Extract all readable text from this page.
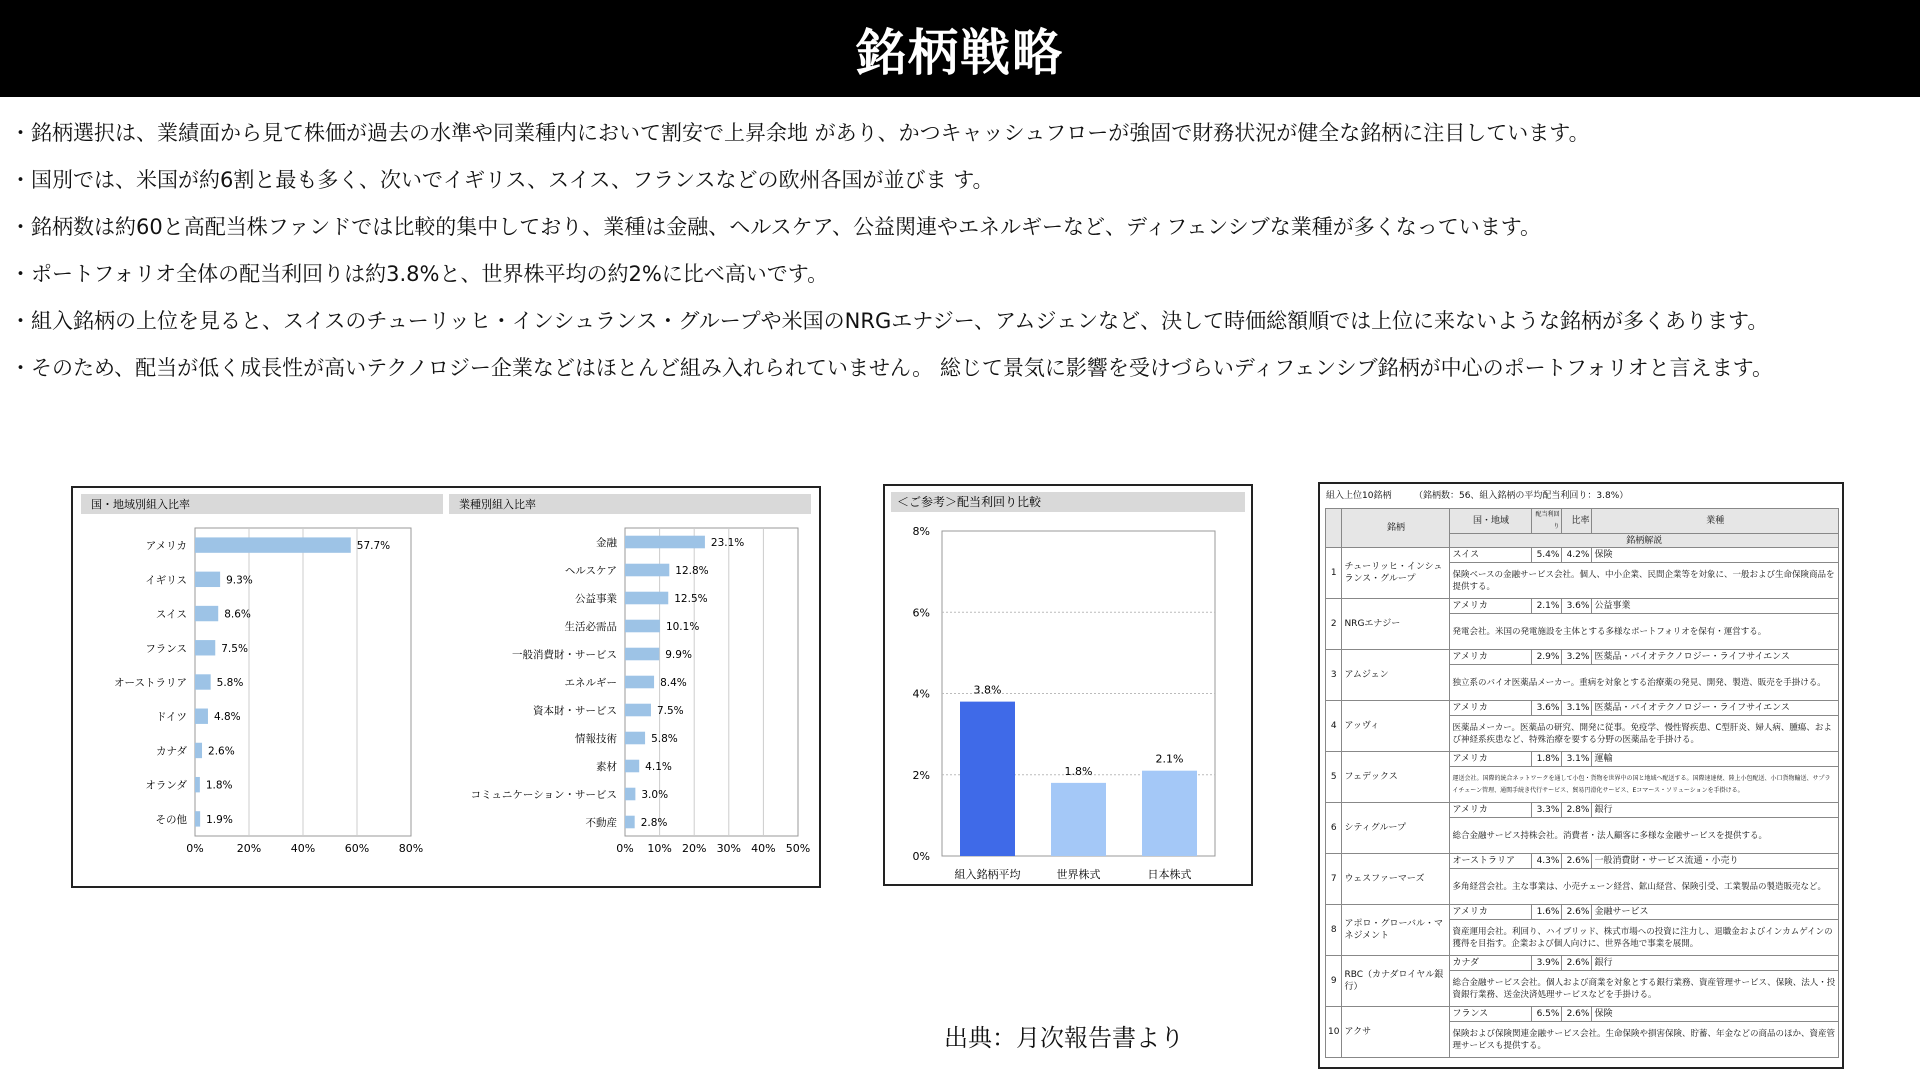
銘柄戦略
・銘柄選択は、業績面から見て株価が過去の水準や同業種内において割安で上昇余地 があり、かつキャッシュフローが強固で財務状況が健全な銘柄に注目しています。
・国別では、米国が約6割と最も多く、次いでイギリス、スイス、フランスなどの欧州各国が並びま す。
・銘柄数は約60と高配当株ファンドでは比較的集中しており、業種は金融、ヘルスケア、公益関連やエネルギーなど、ディフェンシブな業種が多くなっています。
・ポートフォリオ全体の配当利回りは約3.8%と、世界株平均の約2%に比べ高いです。
・組入銘柄の上位を見ると、スイスのチューリッヒ・インシュランス・グループや米国のNRGエナジー、アムジェンなど、決して時価総額順では上位に来ないような銘柄が多くあります。
・そのため、配当が低く成長性が高いテクノロジー企業などはほとんど組み入れられていません。 総じて景気に影響を受けづらいディフェンシブ銘柄が中心のポートフォリオと言えます。
国・地域別組入比率
0%	20%	40%	60%	80%
アメリカ	57.7%
イギリス	9.3%
スイス	8.6%
フランス	7.5%
オーストラリア	5.8%
ドイツ	4.8%
カナダ 2.6%
オランダ 1.8%
その他 1.9%
業種別組入比率
0% 10% 20% 30% 40% 50%
金融	23.1%
ヘルスケア	12.8%
公益事業	12.5%
生活必需品	10.1%
一般消費財・サービス	9.9%
エネルギー	8.4%
資本財・サービス	7.5%
情報技術	5.8%
素材	4.1%
コミュニケーション・サービス 3.0%
不動産 2.8%
＜ご参考＞配当利回り比較
0%
2%
4%
6%
8%
3.8%
組入銘柄平均
1.8%
世界株式
2.1%
日本株式
組入上位10銘柄　　　	（銘柄数：56、組入銘柄の平均配当利回り：3.8%）
	銘柄	国・地域	配当利回り	比率	業種
		銘柄解説			
1	チューリッヒ・インシュランス・グループ	スイス	5.4%	4.2%	保険
		保険ベースの金融サービス会社。個人、中小企業、民間企業等を対象に、一般および生命保険商品を提供する。			
2	NRGエナジー	アメリカ	2.1%	3.6%	公益事業
		発電会社。米国の発電施設を主体とする多様なポートフォリオを保有・運営する。			
3	アムジェン	アメリカ	2.9%	3.2%	医薬品・バイオテクノロジー・ライフサイエンス
		独立系のバイオ医薬品メーカー。重病を対象とする治療薬の発見、開発、製造、販売を手掛ける。			
4	アッヴィ	アメリカ	3.6%	3.1%	医薬品・バイオテクノロジー・ライフサイエンス
		医薬品メーカー。医薬品の研究、開発に従事。免疫学、慢性腎疾患、C型肝炎、婦人病、腫瘍、および神経系疾患など、特殊治療を要する分野の医薬品を手掛ける。			
5	フェデックス	アメリカ	1.8%	3.1%	運輸
		運送会社。国際的統合ネットワークを通して小包・貨物を世界中の国と地域へ配送する。国際速達便、陸上小包配送、小口貨物輸送、サプライチェーン管理、通関手続き代行サービス、貿易円滑化サービス、Eコマース・ソリューションを手掛ける。			
6	シティグループ	アメリカ	3.3%	2.8%	銀行
		総合金融サービス持株会社。消費者・法人顧客に多様な金融サービスを提供する。			
7	ウェスファーマーズ	オーストラリア	4.3%	2.6%	一般消費財・サービス流通・小売り
		多角経営会社。主な事業は、小売チェーン経営、鉱山経営、保険引受、工業製品の製造販売など。			
8	アポロ・グローバル・マネジメント	アメリカ	1.6%	2.6%	金融サービス
		資産運用会社。利回り、ハイブリッド、株式市場への投資に注力し、退職金およびインカムゲインの獲得を目指す。企業および個人向けに、世界各地で事業を展開。			
9	RBC（カナダロイヤル銀行）	カナダ	3.9%	2.6%	銀行
		総合金融サービス会社。個人および商業を対象とする銀行業務、資産管理サービス、保険、法人・投資銀行業務、送金決済処理サービスなどを手掛ける。			
10	アクサ	フランス	6.5%	2.6%	保険
		保険および保険関連金融サービス会社。生命保険や損害保険、貯蓄、年金などの商品のほか、資産管理サービスも提供する。			
出典：月次報告書より
